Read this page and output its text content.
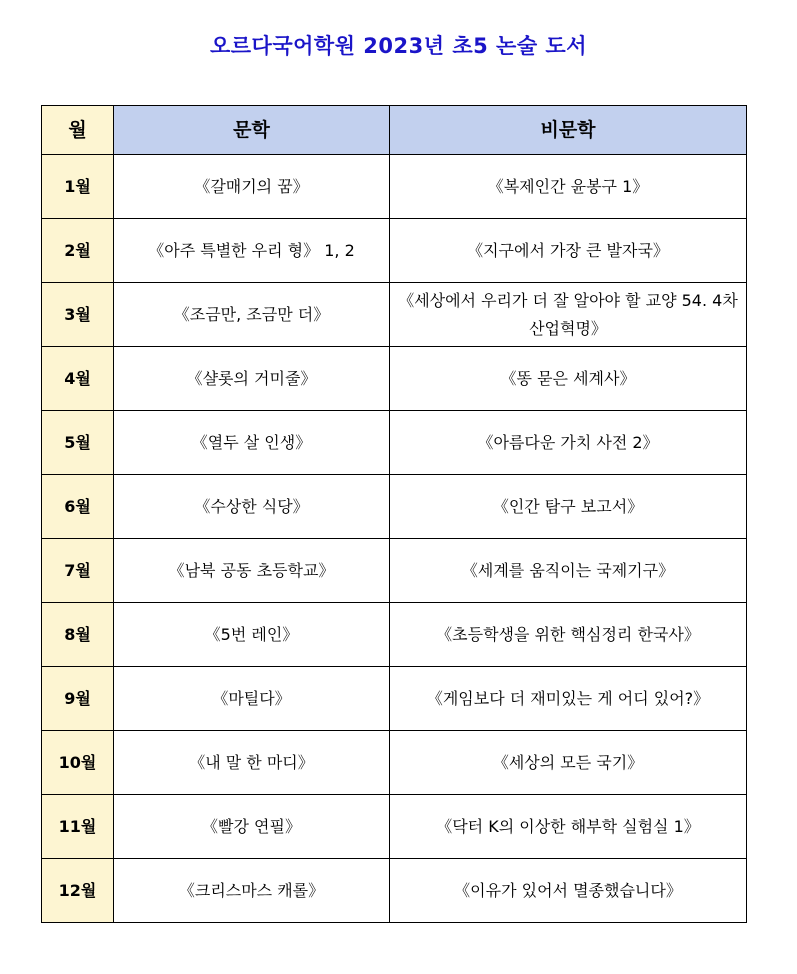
오르다국어학원 2023년 초5 논술 도서
월	문학	비문학
1월	《갈매기의 꿈》	《복제인간 윤봉구 1》
2월	《아주 특별한 우리 형》 1, 2	《지구에서 가장 큰 발자국》
3월	《조금만, 조금만 더》	《세상에서 우리가 더 잘 알아야 할 교양 54. 4차 산업혁명》
4월	《샬롯의 거미줄》	《똥 묻은 세계사》
5월	《열두 살 인생》	《아름다운 가치 사전 2》
6월	《수상한 식당》	《인간 탐구 보고서》
7월	《남북 공동 초등학교》	《세계를 움직이는 국제기구》
8월	《5번 레인》	《초등학생을 위한 핵심정리 한국사》
9월	《마틸다》	《게임보다 더 재미있는 게 어디 있어?》
10월	《내 말 한 마디》	《세상의 모든 국기》
11월	《빨강 연필》	《닥터 K의 이상한 해부학 실험실 1》
12월	《크리스마스 캐롤》	《이유가 있어서 멸종했습니다》
